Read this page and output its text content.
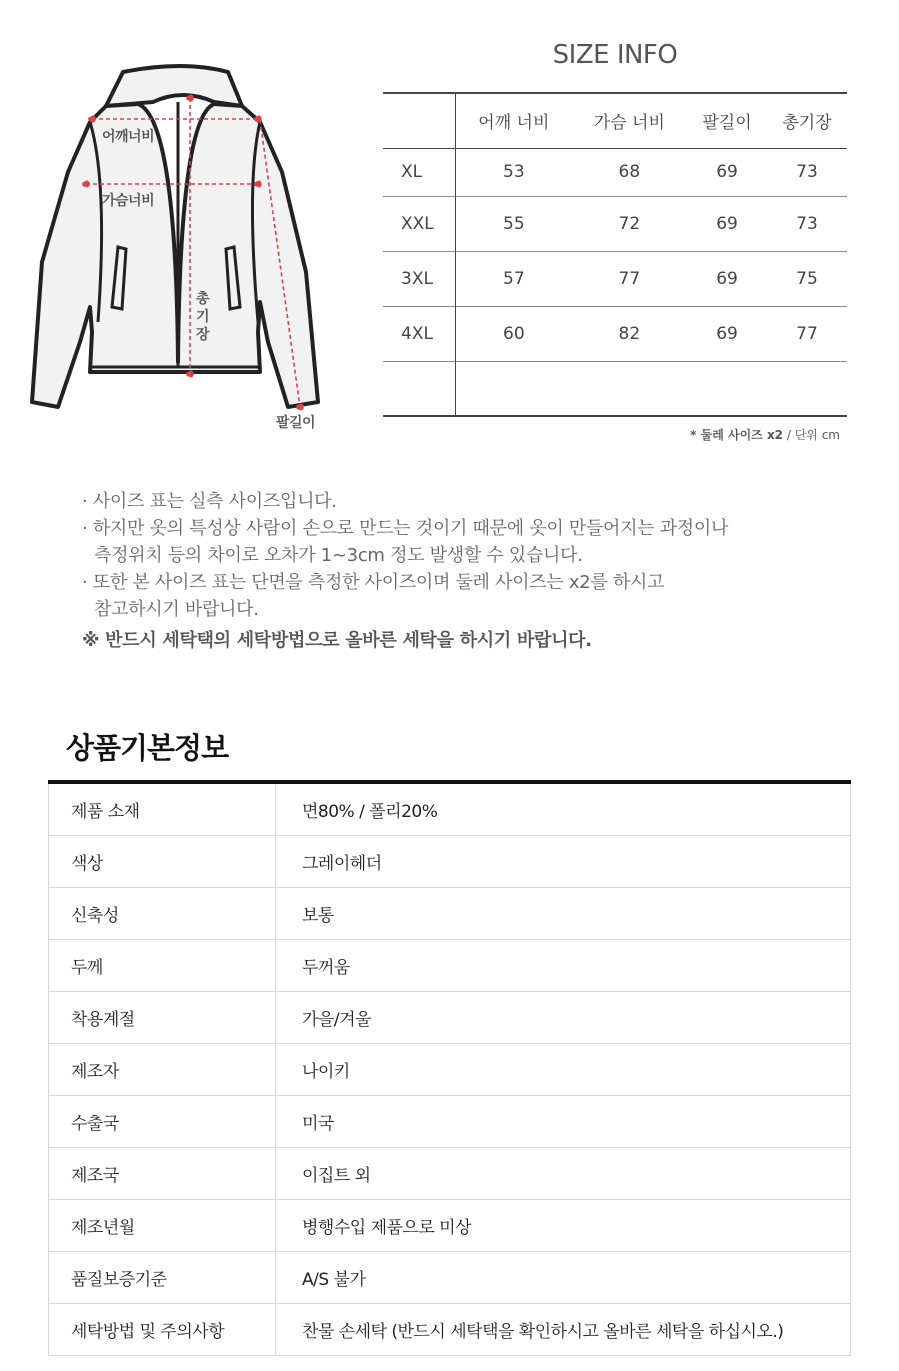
어깨너비
가슴너비
총
기
장
팔길이
SIZE INFO
	어깨 너비	가슴 너비	팔길이	총기장
XL	53	68	69	73
XXL	55	72	69	73
3XL	57	77	69	75
4XL	60	82	69	77

* 둘레 사이즈 x2 / 단위 cm
· 사이즈 표는 실측 사이즈입니다.
· 하지만 옷의 특성상 사람이 손으로 만드는 것이기 때문에 옷이 만들어지는 과정이나
측정위치 등의 차이로 오차가 1~3cm 정도 발생할 수 있습니다.
· 또한 본 사이즈 표는 단면을 측정한 사이즈이며 둘레 사이즈는 x2를 하시고
참고하시기 바랍니다.
※ 반드시 세탁택의 세탁방법으로 올바른 세탁을 하시기 바랍니다.
상품기본정보
제품 소재	면80% / 폴리20%
색상	그레이헤더
신축성	보통
두께	두꺼움
착용계절	가을/겨울
제조자	나이키
수출국	미국
제조국	이집트 외
제조년월	병행수입 제품으로 미상
품질보증기준	A/S 불가
세탁방법 및 주의사항	찬물 손세탁 (반드시 세탁택을 확인하시고 올바른 세탁을 하십시오.)
